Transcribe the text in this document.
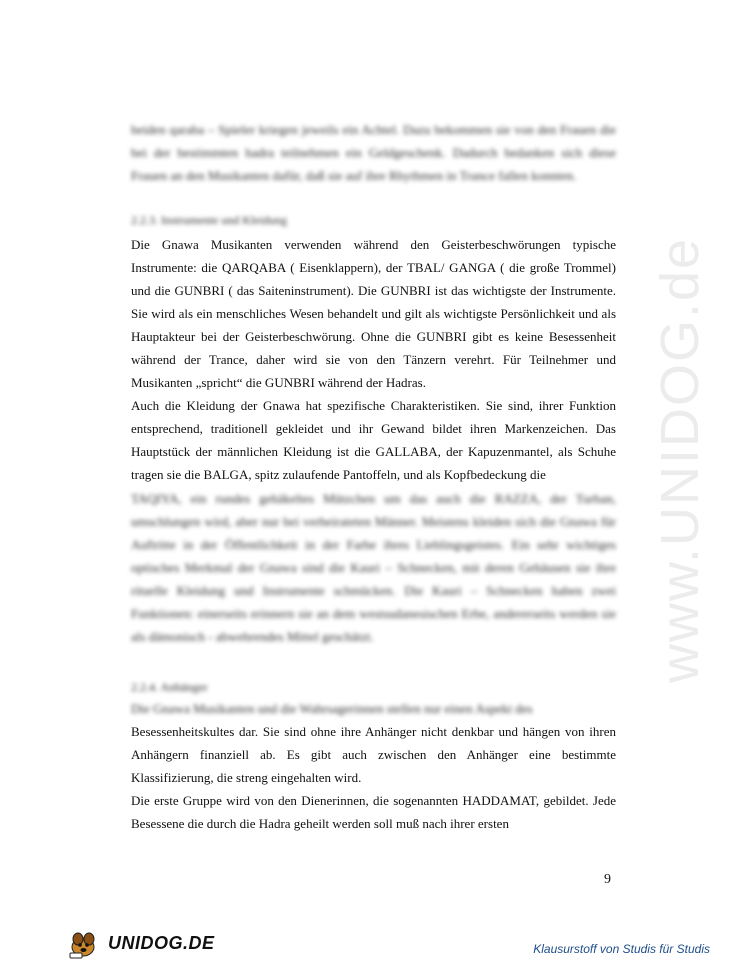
beiden qaraba – Spieler kriegen jeweils ein Achtel. Dazu bekommen sie von den Frauen die bei der bestimmten hadra teilnehmen ein Geldgeschenk. Dadurch bedanken sich diese Frauen an den Musikanten dafür, daß sie auf ihre Rhythmen in Trance fallen konnten.

2.2.3. Instrumente und Kleidung

Die Gnawa Musikanten verwenden während den Geisterbeschwörungen typische Instrumente: die QARQABA ( Eisenklappern), der TBAL/ GANGA ( die große Trommel) und die GUNBRI ( das Saiteninstrument). Die GUNBRI ist das wichtigste der Instrumente. Sie wird als ein menschliches Wesen behandelt und gilt als wichtigste Persönlichkeit und als Hauptakteur bei der Geisterbeschwörung. Ohne die GUNBRI gibt es keine Besessenheit während der Trance, daher wird sie von den Tänzern verehrt. Für Teilnehmer und Musikanten „spricht“ die GUNBRI während der Hadras.

Auch die Kleidung der Gnawa hat spezifische Charakteristiken. Sie sind, ihrer Funktion entsprechend, traditionell gekleidet und ihr Gewand bildet ihren Markenzeichen. Das Hauptstück der männlichen Kleidung ist die GALLABA, der Kapuzenmantel, als Schuhe tragen sie die BALGA, spitz zulaufende Pantoffeln, und als Kopfbedeckung die

TAQIYA, ein rundes gehäkeltes Mützchen um das auch die RAZZA, der Turban, umschlungen wird, aber nur bei verheirateten Männer. Meistens kleiden sich die Gnawa für Auftritte in der Öffentlichkeit in der Farbe ihres Lieblingsgeistes. Ein sehr wichtiges optisches Merkmal der Gnawa sind die Kauri – Schnecken, mit deren Gehäusen sie ihre rituelle Kleidung und Instrumente schmücken. Die Kauri – Schnecken haben zwei Funktionen: einerseits erinnern sie an dem westsudanesischen Erbe, andererseits werden sie als dämonisch - abwehrendes Mittel geschätzt.

2.2.4. Anhänger

Die Gnawa Musikanten und die Wahrsagerinnen stellen nur einen Aspekt des

Besessenheitskultes dar. Sie sind ohne ihre Anhänger nicht denkbar und hängen von ihren Anhängern finanziell ab. Es gibt auch zwischen den Anhänger eine bestimmte Klassifizierung, die streng eingehalten wird.

Die erste Gruppe wird von den Dienerinnen, die sogenannten HADDAMAT, gebildet. Jede Besessene die durch die Hadra geheilt werden soll muß nach ihrer ersten

9
www.UNIDOG.de
UNIDOG.DE	Klausurstoff von Studis für Studis
